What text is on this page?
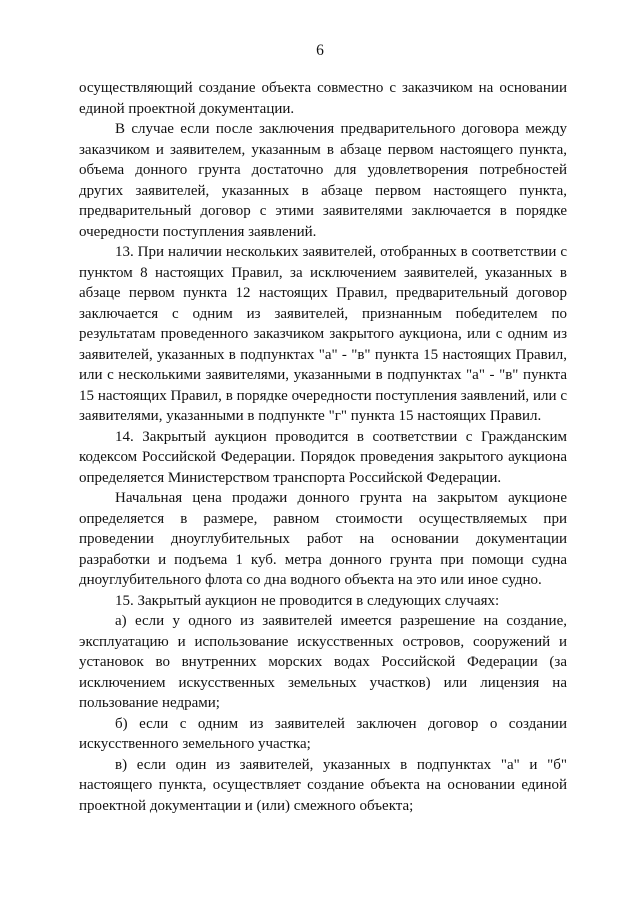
6

осуществляющий создание объекта совместно с заказчиком на основании единой проектной документации.

В случае если после заключения предварительного договора между заказчиком и заявителем, указанным в абзаце первом настоящего пункта, объема донного грунта достаточно для удовлетворения потребностей других заявителей, указанных в абзаце первом настоящего пункта, предварительный договор с этими заявителями заключается в порядке очередности поступления заявлений.

13. При наличии нескольких заявителей, отобранных в соответствии с пунктом 8 настоящих Правил, за исключением заявителей, указанных в абзаце первом пункта 12 настоящих Правил, предварительный договор заключается с одним из заявителей, признанным победителем по результатам проведенного заказчиком закрытого аукциона, или с одним из заявителей, указанных в подпунктах "а" - "в" пункта 15 настоящих Правил, или с несколькими заявителями, указанными в подпунктах "а" - "в" пункта 15 настоящих Правил, в порядке очередности поступления заявлений, или с заявителями, указанными в подпункте "г" пункта 15 настоящих Правил.

14. Закрытый аукцион проводится в соответствии с Гражданским кодексом Российской Федерации. Порядок проведения закрытого аукциона определяется Министерством транспорта Российской Федерации.

Начальная цена продажи донного грунта на закрытом аукционе определяется в размере, равном стоимости осуществляемых при проведении дноуглубительных работ на основании документации разработки и подъема 1 куб. метра донного грунта при помощи судна дноуглубительного флота со дна водного объекта на это или иное судно.

15. Закрытый аукцион не проводится в следующих случаях:

а) если у одного из заявителей имеется разрешение на создание, эксплуатацию и использование искусственных островов, сооружений и установок во внутренних морских водах Российской Федерации (за исключением искусственных земельных участков) или лицензия на пользование недрами;

б) если с одним из заявителей заключен договор о создании искусственного земельного участка;

в) если один из заявителей, указанных в подпунктах "а" и "б" настоящего пункта, осуществляет создание объекта на основании единой проектной документации и (или) смежного объекта;
